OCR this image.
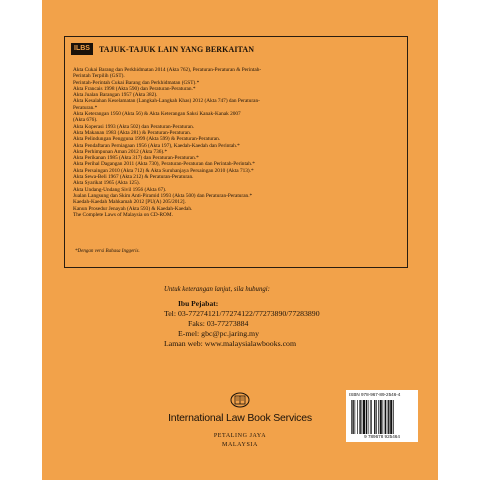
ILBS	TAJUK-TAJUK LAIN YANG BERKAITAN
Akta Cukai Barang dan Perkhidmatan 2014 (Akta 762), Peraturan-Peraturan & Perintah-
Perintah Terpilih (GST).
Perintah-Perintah Cukai Barang dan Perkhidmatan (GST).*
Akta Francais 1998 (Akta 590) dan Peraturan-Peraturan.*
Akta Jualan Barangan 1957 (Akta 382).
Akta Kesalahan Keselamatan (Langkah-Langkah Khas) 2012 (Akta 747) dan Peraturan-
Peraturan.*
Akta Keterangan 1950 (Akta 56) & Akta Keterangan Saksi Kanak-Kanak 2007
(Akta 676).
Akta Koperasi 1993 (Akta 502) dan Peraturan-Peraturan.
Akta Makanan 1983 (Akta 281) & Peraturan-Peraturan.
Akta Pelindungan Pengguna 1999 (Akta 599) & Peraturan-Peraturan.
Akta Pendaftaran Perniagaan 1956 (Akta 197), Kaedah-Kaedah dan Perintah.*
Akta Perhimpunan Aman 2012 (Akta 736).*
Akta Perikanan 1985 (Akta 317) dan Peraturan-Peraturan.*
Akta Perihal Dagangan 2011 (Akta 730), Peraturan-Peraturan dan Perintah-Perintah.*
Akta Persaingan 2010 (Akta 712) & Akta Suruhanjaya Persaingan 2010 (Akta 713).*
Akta Sewa-Beli 1967 (Akta 212) & Peraturan-Peraturan.
Akta Syarikat 1965 (Akta 125).
Akta Undang-Undang Sivil 1956 (Akta 67).
Jualan Langsung dan Skim Anti-Piramid 1993 (Akta 500) dan Peraturan-Peraturan.*
Kaedah-Kaedah Mahkamah 2012 [PU(A) 205/2012].
Kanun Prosedur Jenayah (Akta 593) & Kaedah-Kaedah.
The Complete Laws of Malaysia on CD-ROM.
*Dengan versi Bahasa Inggeris.
Untuk keterangan lanjut, sila hubungi:
Ibu Pejabat:
Tel: 03-77274121/77274122/77273890/77283890
Faks: 03-77273884
E-mel: gbc@pc.jaring.my
Laman web: www.malaysialawbooks.com
International Law Book Services
PETALING JAYA
MALAYSIA
ISBN 978-967-89-2546-4
9 789678 925464
